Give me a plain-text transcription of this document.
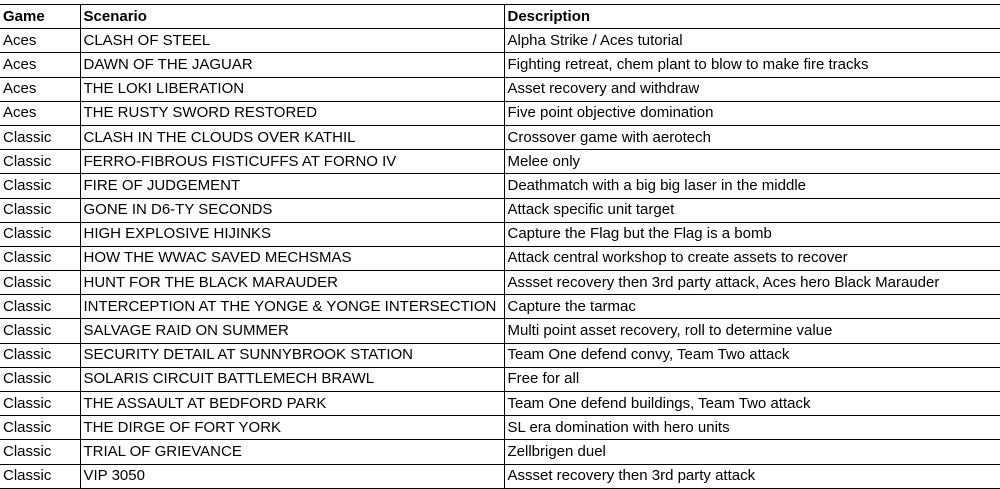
Game	Scenario	Description
Aces	CLASH OF STEEL	Alpha Strike / Aces tutorial
Aces	DAWN OF THE JAGUAR	Fighting retreat, chem plant to blow to make fire tracks
Aces	THE LOKI LIBERATION	Asset recovery and withdraw
Aces	THE RUSTY SWORD RESTORED	Five point objective domination
Classic	CLASH IN THE CLOUDS OVER KATHIL	Crossover game with aerotech
Classic	FERRO-FIBROUS FISTICUFFS AT FORNO IV	Melee only
Classic	FIRE OF JUDGEMENT	Deathmatch with a big big laser in the middle
Classic	GONE IN D6-TY SECONDS	Attack specific unit target
Classic	HIGH EXPLOSIVE HIJINKS	Capture the Flag but the Flag is a bomb
Classic	HOW THE WWAC SAVED MECHSMAS	Attack central workshop to create assets to recover
Classic	HUNT FOR THE BLACK MARAUDER	Assset recovery then 3rd party attack, Aces hero Black Marauder
Classic	INTERCEPTION AT THE YONGE & YONGE INTERSECTION	Capture the tarmac
Classic	SALVAGE RAID ON SUMMER	Multi point asset recovery, roll to determine value
Classic	SECURITY DETAIL AT SUNNYBROOK STATION	Team One defend convy, Team Two attack
Classic	SOLARIS CIRCUIT BATTLEMECH BRAWL	Free for all
Classic	THE ASSAULT AT BEDFORD PARK	Team One defend buildings, Team Two attack
Classic	THE DIRGE OF FORT YORK	SL era domination with hero units
Classic	TRIAL OF GRIEVANCE	Zellbrigen duel
Classic	VIP 3050	Assset recovery then 3rd party attack
